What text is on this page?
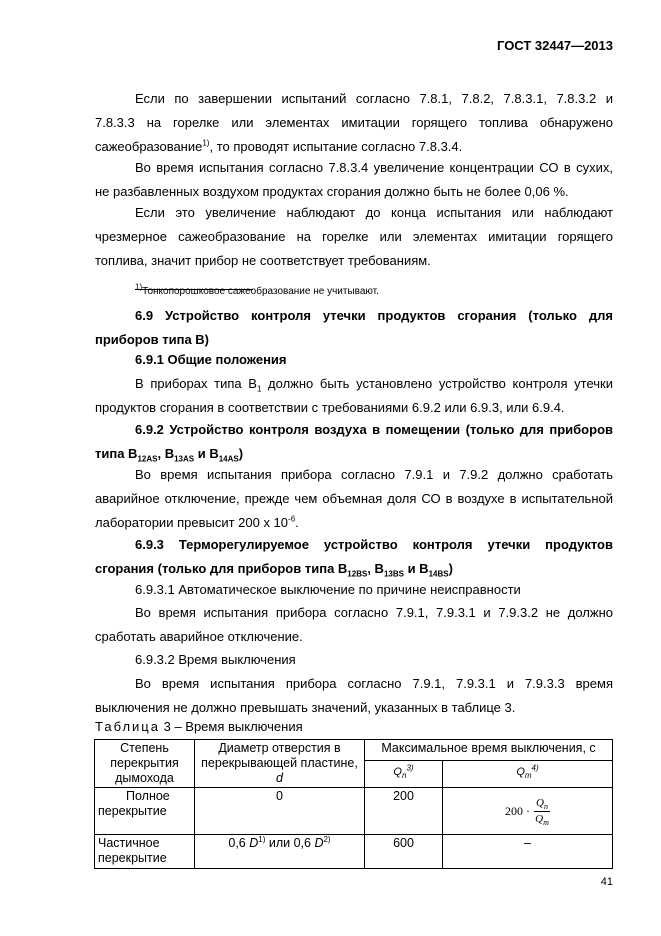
ГОСТ 32447—2013
Если по завершении испытаний согласно 7.8.1, 7.8.2, 7.8.3.1, 7.8.3.2 и
7.8.3.3 на горелке или элементах имитации горящего топлива обнаружено
сажеобразование$^{1)}$, то проводят испытание согласно 7.8.3.4.
Во время испытания согласно 7.8.3.4 увеличение концентрации СО в сухих, не разбавленных воздухом продуктах сгорания должно быть не более 0,06 %.
Если это увеличение наблюдают до конца испытания или наблюдают чрезмерное сажеобразование на горелке или элементах имитации горящего топлива, значит прибор не соответствует требованиям.
$^{1)}$Тонкопорошковое сажеобразование не учитывают.
6.9 Устройство контроля утечки продуктов сгорания (только для приборов типа В)
6.9.1 Общие положения
В приборах типа $В_1$ должно быть установлено устройство контроля утечки продуктов сгорания в соответствии с требованиями 6.9.2 или 6.9.3, или 6.9.4.
6.9.2 Устройство контроля воздуха в помещении (только для приборов типа $В_{12AS}$, $В_{13AS}$ и $В_{14AS}$)
Во время испытания прибора согласно 7.9.1 и 7.9.2 должно сработать аварийное отключение, прежде чем объемная доля СО в воздухе в испытательной лаборатории превысит 200 х $10^{-6}$.
6.9.3 Терморегулируемое устройство контроля утечки продуктов сгорания (только для приборов типа $В_{12BS}$, $В_{13BS}$ и $В_{14BS}$)
6.9.3.1 Автоматическое выключение по причине неисправности
Во время испытания прибора согласно 7.9.1, 7.9.3.1 и 7.9.3.2 не должно сработать аварийное отключение.
6.9.3.2 Время выключения
Во время испытания прибора согласно 7.9.1, 7.9.3.1 и 7.9.3.3 время выключения не должно превышать значений, указанных в таблице 3.
Таблица 3 – Время выключения
Степень перекрытия дымохода	Диаметр отверстия в перекрывающей пластине, d	Максимальное время выключения, с	
		$Q_n^{3)}$	$Q_m^{4)}$
Полное перекрытие	0	200	$200 \cdot \frac{Q_n}{Q_m}$

Частичное перекрытие	0,6 $D^{1)}$ или 0,6 $D^{2)}$	600	–
41
